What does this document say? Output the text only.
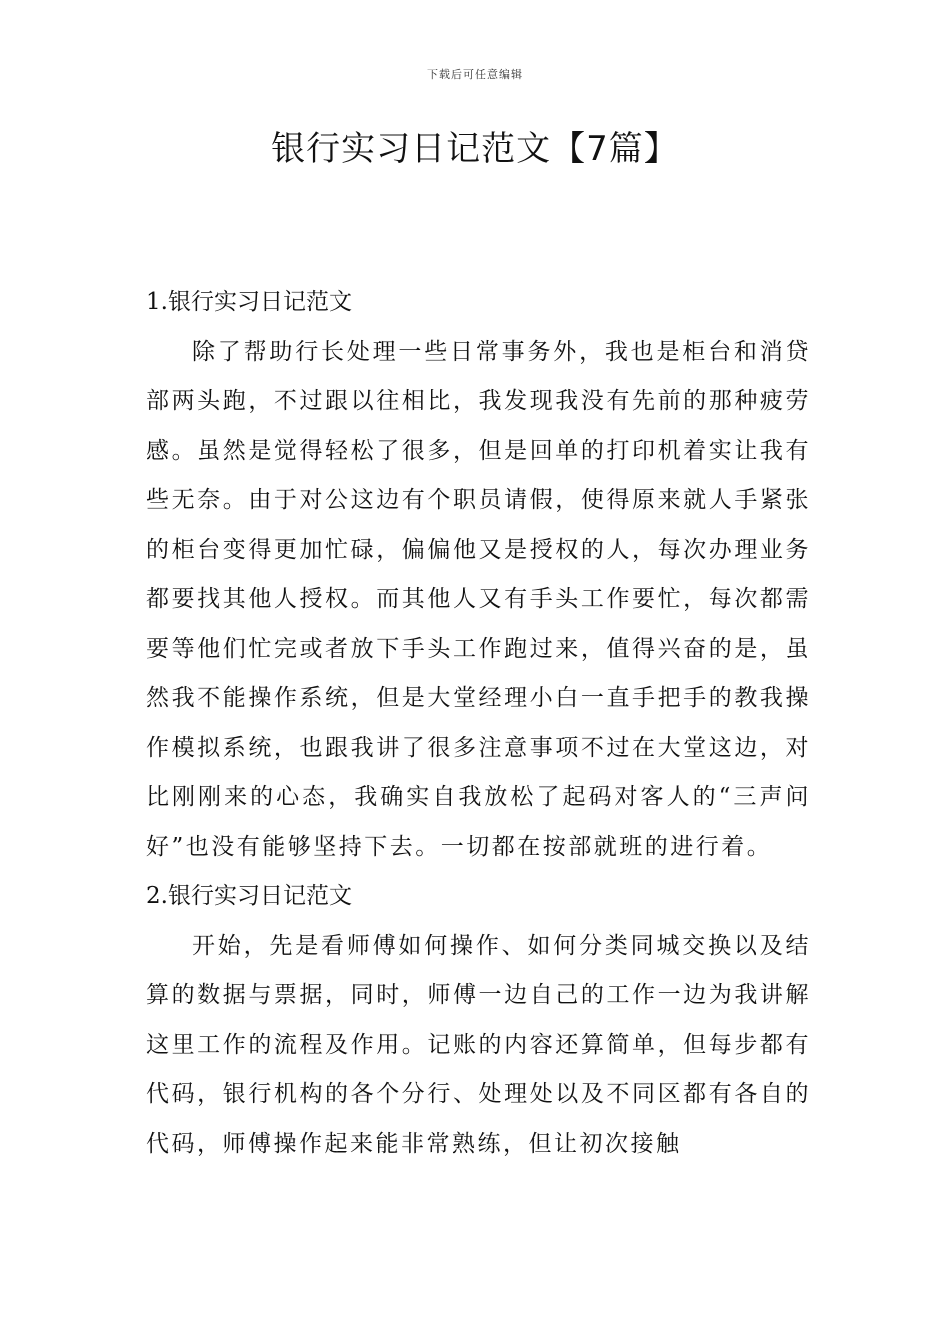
下载后可任意编辑
银行实习日记范文【7篇】
1.银行实习日记范文

除了帮助行长处理一些日常事务外，我也是柜台和消贷部两头跑，不过跟以往相比，我发现我没有先前的那种疲劳感。虽然是觉得轻松了很多，但是回单的打印机着实让我有些无奈。由于对公这边有个职员请假，使得原来就人手紧张的柜台变得更加忙碌，偏偏他又是授权的人，每次办理业务都要找其他人授权。而其他人又有手头工作要忙，每次都需要等他们忙完或者放下手头工作跑过来，值得兴奋的是，虽然我不能操作系统，但是大堂经理小白一直手把手的教我操作模拟系统，也跟我讲了很多注意事项不过在大堂这边，对比刚刚来的心态，我确实自我放松了起码对客人的“三声问好”也没有能够坚持下去。一切都在按部就班的进行着。

2.银行实习日记范文

开始，先是看师傅如何操作、如何分类同城交换以及结算的数据与票据，同时，师傅一边自己的工作一边为我讲解这里工作的流程及作用。记账的内容还算简单，但每步都有代码，银行机构的各个分行、处理处以及不同区都有各自的代码，师傅操作起来能非常熟练，但让初次接触
